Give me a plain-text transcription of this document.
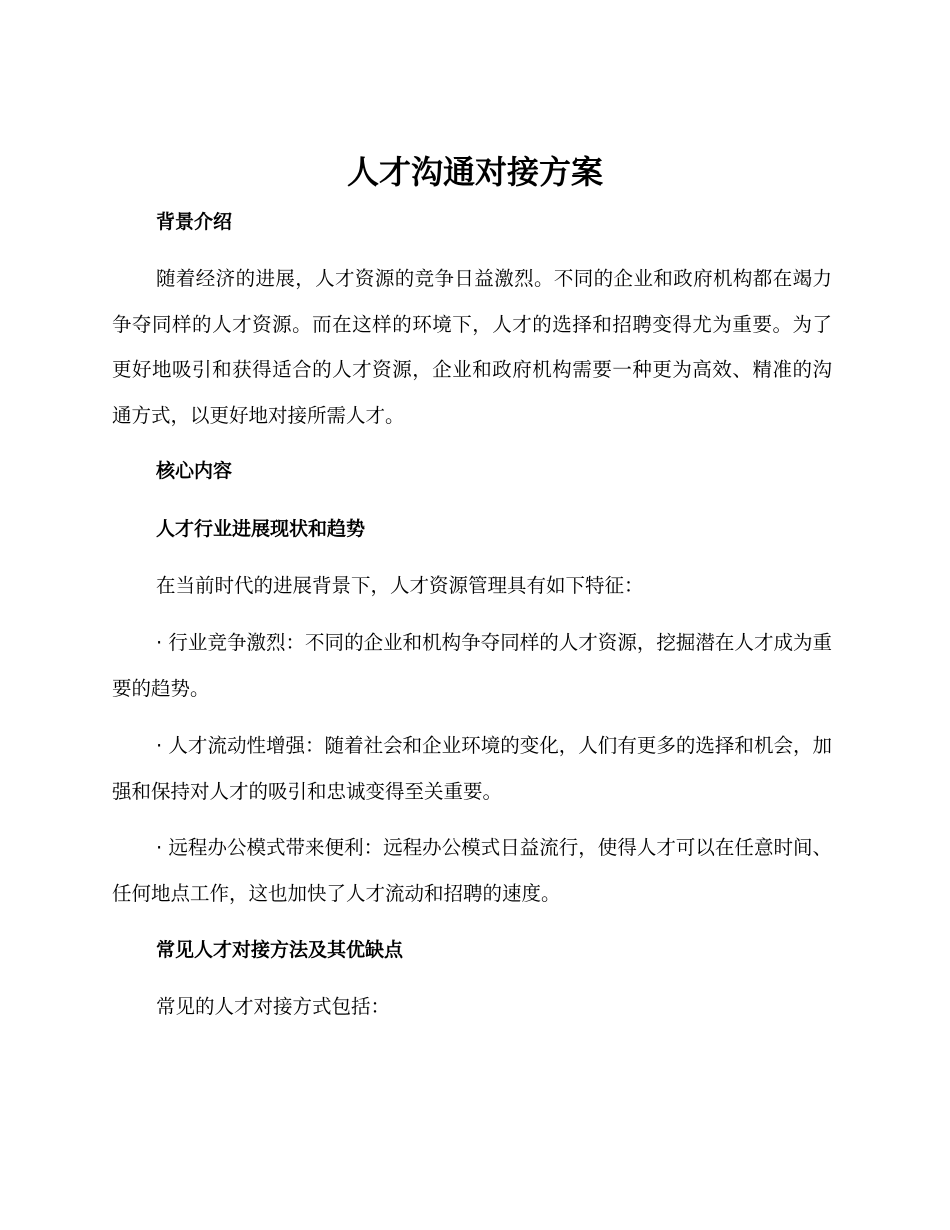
人才沟通对接方案
背景介绍

随着经济的进展，人才资源的竞争日益激烈。不同的企业和政府机构都在竭力争夺同样的人才资源。而在这样的环境下，人才的选择和招聘变得尤为重要。为了更好地吸引和获得适合的人才资源，企业和政府机构需要一种更为高效、精准的沟通方式，以更好地对接所需人才。

核心内容
人才行业进展现状和趋势

在当前时代的进展背景下，人才资源管理具有如下特征：

· 行业竞争激烈：不同的企业和机构争夺同样的人才资源，挖掘潜在人才成为重要的趋势。

· 人才流动性增强：随着社会和企业环境的变化，人们有更多的选择和机会，加强和保持对人才的吸引和忠诚变得至关重要。

· 远程办公模式带来便利：远程办公模式日益流行，使得人才可以在任意时间、任何地点工作，这也加快了人才流动和招聘的速度。

常见人才对接方法及其优缺点

常见的人才对接方式包括：
